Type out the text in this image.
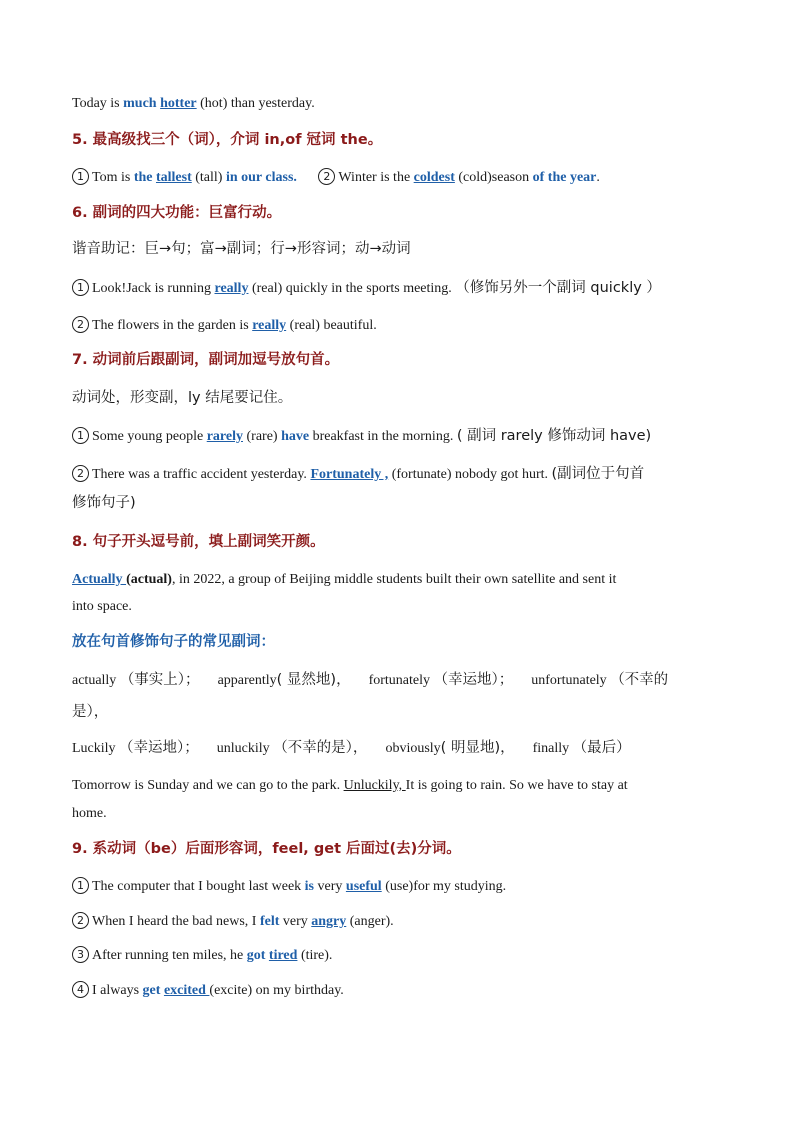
Today is much hotter (hot) than yesterday.
5. 最高级找三个（词），介词 in,of 冠词 the。
1 Tom is the tallest (tall) in our class. 2 Winter is the coldest (cold)season of the year.
6. 副词的四大功能：巨富行动。
谐音助记：巨→句；富→副词；行→形容词；动→动词
1 Look!Jack is running really (real) quickly in the sports meeting. （修饰另外一个副词 quickly ）
2 The flowers in the garden is really (real) beautiful.
7. 动词前后跟副词，副词加逗号放句首。
动词处，形变副，ly 结尾要记住。
1 Some young people rarely (rare) have breakfast in the morning. ( 副词 rarely 修饰动词 have)
2 There was a traffic accident yesterday. Fortunately , (fortunate) nobody got hurt. (副词位于句首
修饰句子)
8. 句子开头逗号前，填上副词笑开颜。
Actually (actual), in 2022, a group of Beijing middle students built their own satellite and sent it
into space.
放在句首修饰句子的常见副词：
actually （事实上）； apparently( 显然地)， fortunately （幸运地）； unfortunately （不幸的
是），
Luckily （幸运地）； unluckily （不幸的是）， obviously( 明显地)， finally （最后）
Tomorrow is Sunday and we can go to the park. Unluckily, It is going to rain. So we have to stay at
home.
9. 系动词（be）后面形容词，feel, get 后面过(去)分词。
1 The computer that I bought last week is very useful (use)for my studying.
2 When I heard the bad news, I felt very angry (anger).
3 After running ten miles, he got tired (tire).
4 I always get excited (excite) on my birthday.
